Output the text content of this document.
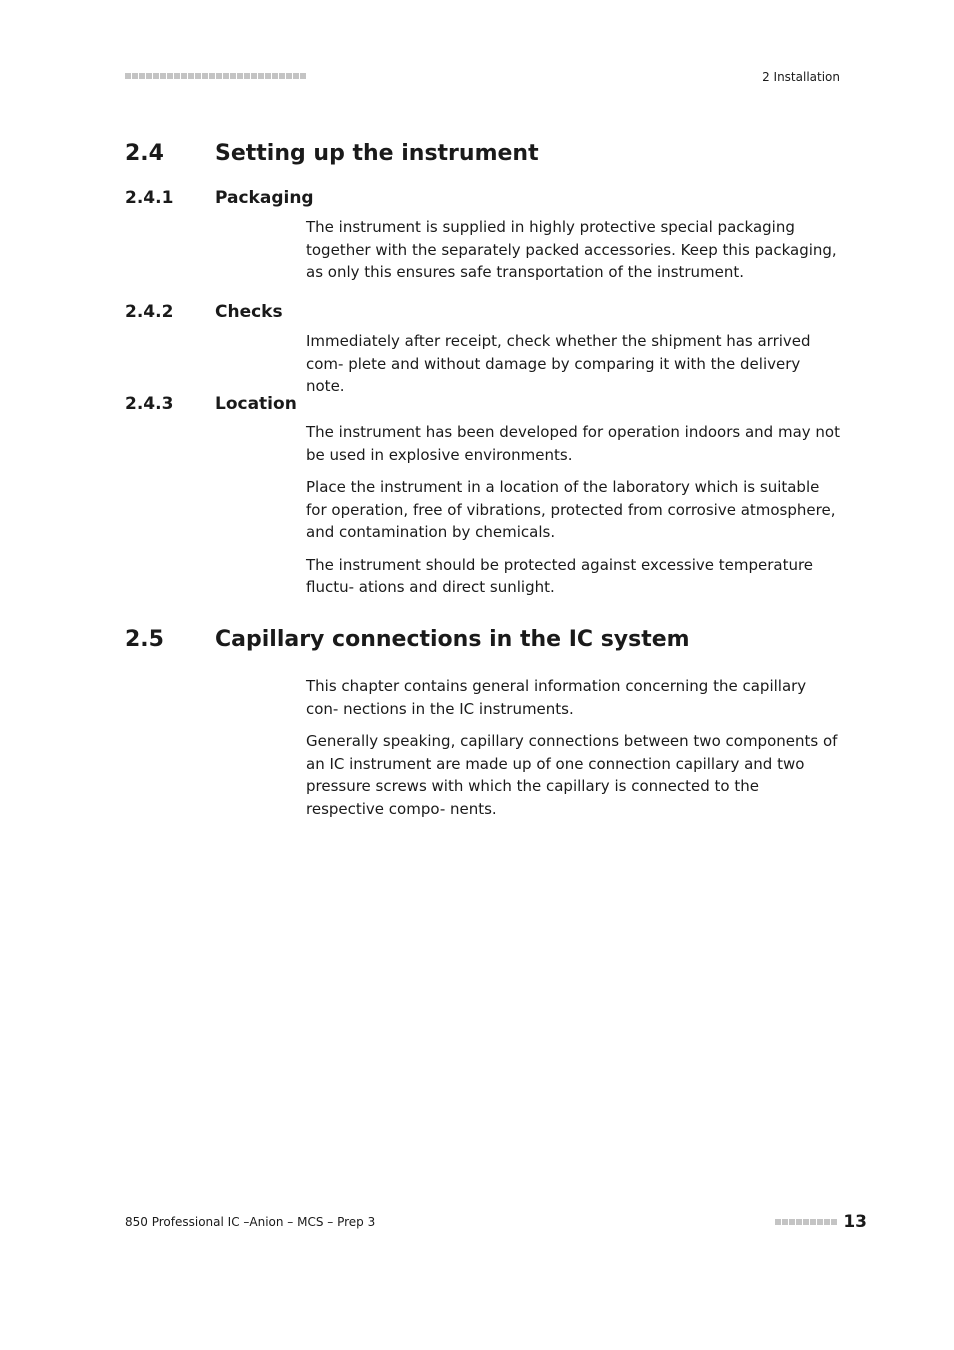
2 Installation
2.4 Setting up the instrument
2.4.1 Packaging

The instrument is supplied in highly protective special packaging together with the separately packed accessories. Keep this packaging, as only this ensures safe transportation of the instrument.

2.4.2 Checks

Immediately after receipt, check whether the shipment has arrived com- plete and without damage by comparing it with the delivery note.

2.4.3 Location

The instrument has been developed for operation indoors and may not be used in explosive environments.

Place the instrument in a location of the laboratory which is suitable for operation, free of vibrations, protected from corrosive atmosphere, and contamination by chemicals.

The instrument should be protected against excessive temperature fluctu- ations and direct sunlight.

2.5 Capillary connections in the IC system

This chapter contains general information concerning the capillary con- nections in the IC instruments.

Generally speaking, capillary connections between two components of an IC instrument are made up of one connection capillary and two pressure screws with which the capillary is connected to the respective compo- nents.

850 Professional IC –Anion – MCS – Prep 3	13
